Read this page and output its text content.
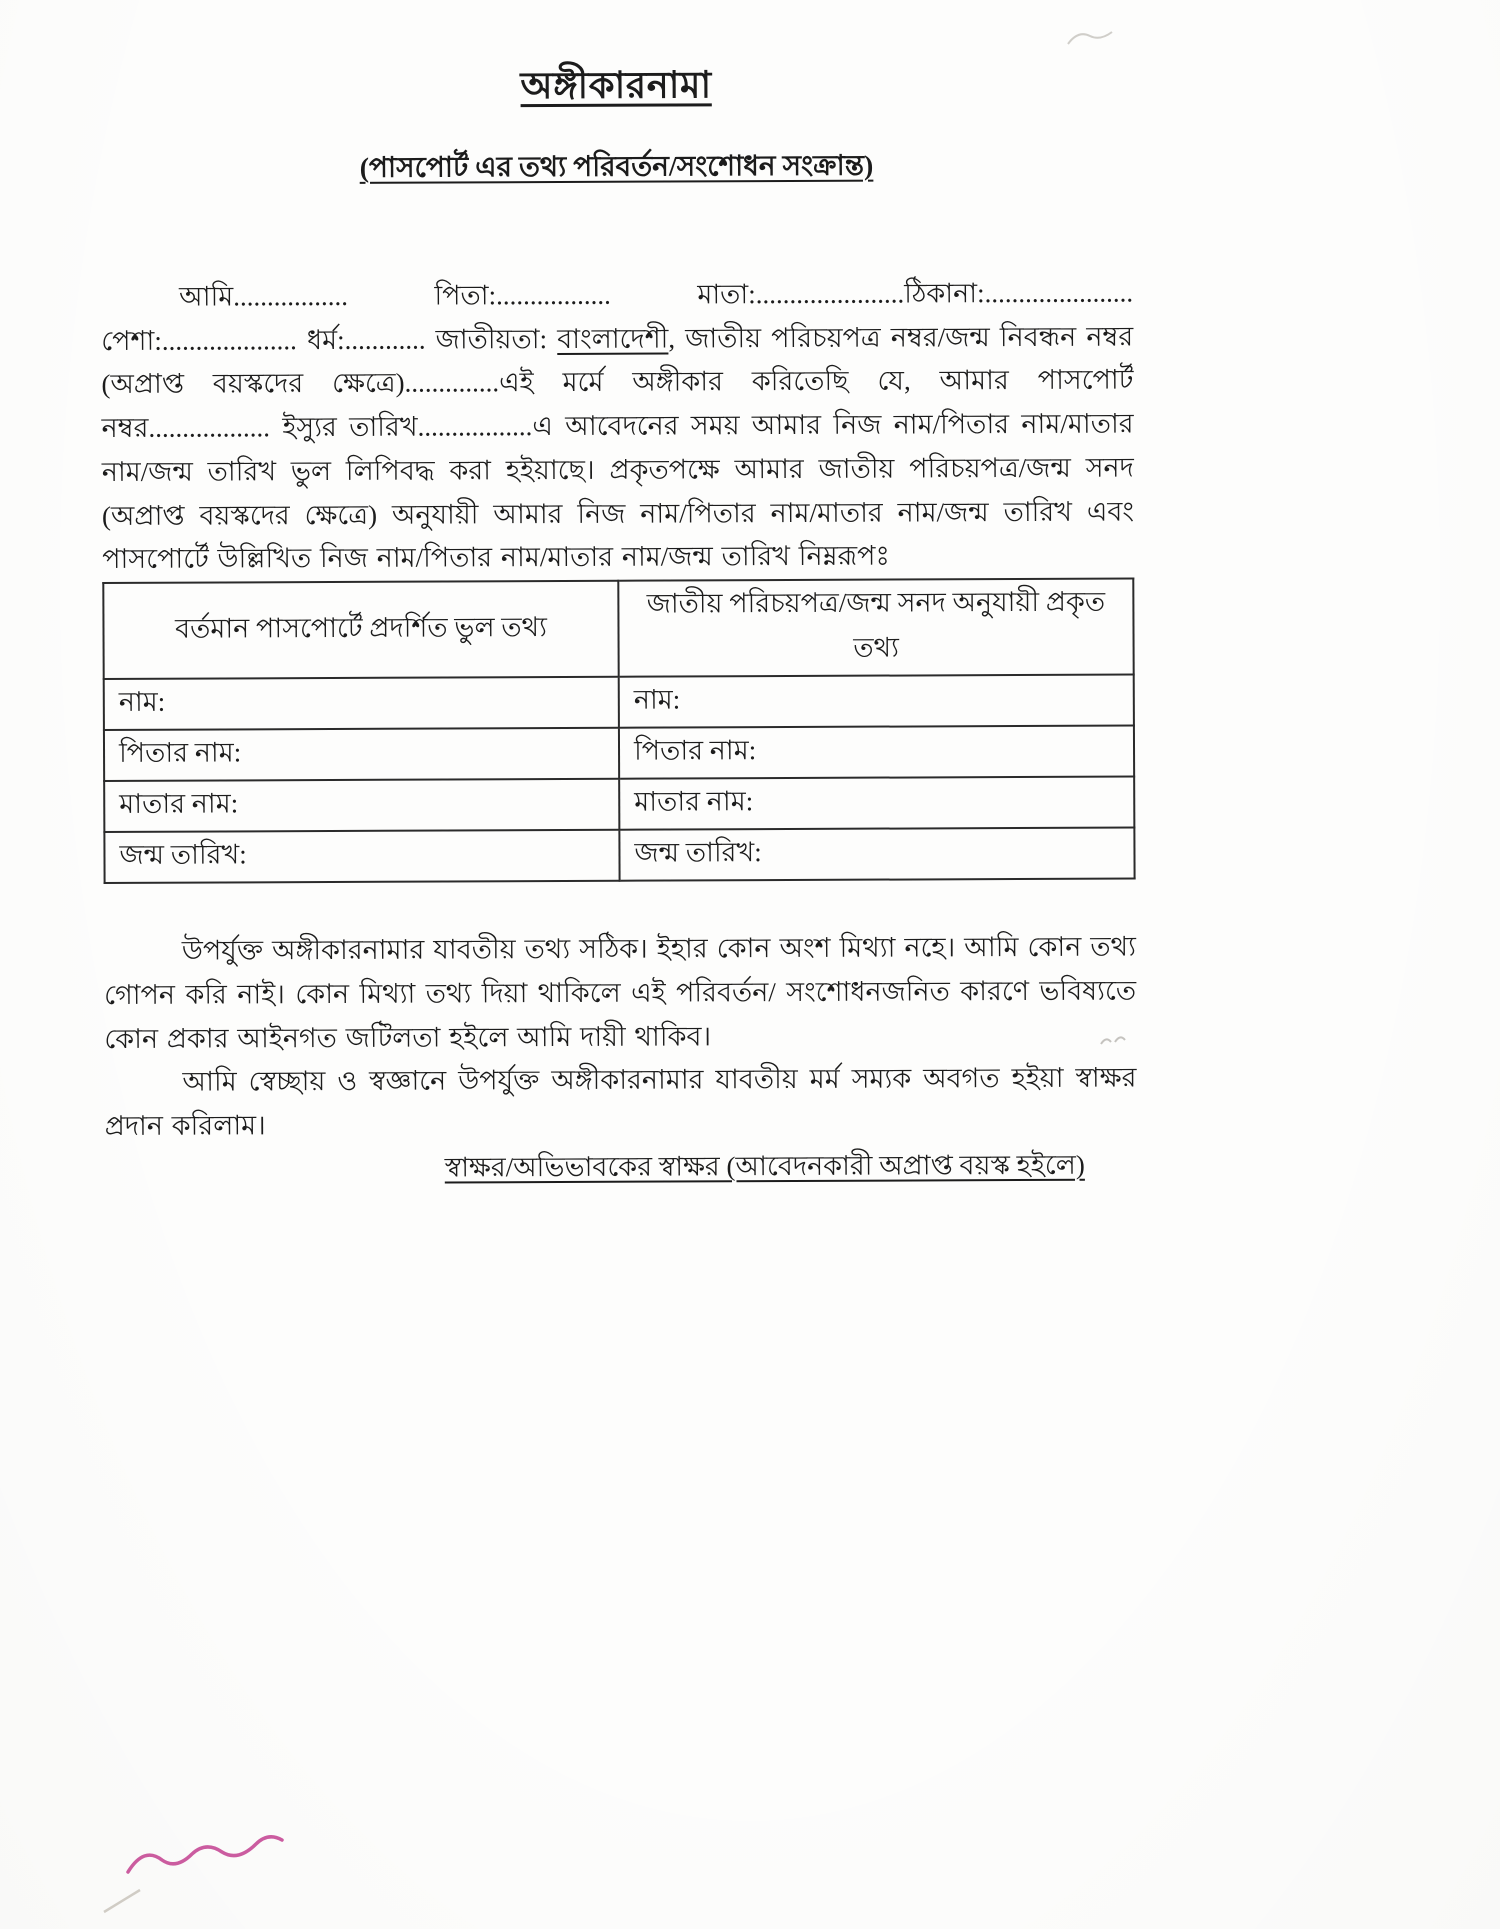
অঙ্গীকারনামা
(পাসপোর্ট এর তথ্য পরিবর্তন/সংশোধন সংক্রান্ত)

আমি................. পিতা:................. মাতা:......................ঠিকানা:...................... পেশা:.................... ধর্ম:............ জাতীয়তা: বাংলাদেশী, জাতীয় পরিচয়পত্র নম্বর/জন্ম নিবন্ধন নম্বর (অপ্রাপ্ত বয়স্কদের ক্ষেত্রে)..............এই মর্মে অঙ্গীকার করিতেছি যে, আমার পাসপোর্ট নম্বর.................. ইস্যুর তারিখ.................এ আবেদনের সময় আমার নিজ নাম/পিতার নাম/মাতার নাম/জন্ম তারিখ ভুল লিপিবদ্ধ করা হইয়াছে। প্রকৃতপক্ষে আমার জাতীয় পরিচয়পত্র/জন্ম সনদ (অপ্রাপ্ত বয়স্কদের ক্ষেত্রে) অনুযায়ী আমার নিজ নাম/পিতার নাম/মাতার নাম/জন্ম তারিখ এবং পাসপোর্টে উল্লিখিত নিজ নাম/পিতার নাম/মাতার নাম/জন্ম তারিখ নিম্নরূপঃ

বর্তমান পাসপোর্টে প্রদর্শিত ভুল তথ্য	জাতীয় পরিচয়পত্র/জন্ম সনদ অনুযায়ী প্রকৃত তথ্য
নাম:	নাম:
পিতার নাম:	পিতার নাম:
মাতার নাম:	মাতার নাম:
জন্ম তারিখ:	জন্ম তারিখ:

উপর্যুক্ত অঙ্গীকারনামার যাবতীয় তথ্য সঠিক। ইহার কোন অংশ মিথ্যা নহে। আমি কোন তথ্য গোপন করি নাই। কোন মিথ্যা তথ্য দিয়া থাকিলে এই পরিবর্তন/ সংশোধনজনিত কারণে ভবিষ্যতে কোন প্রকার আইনগত জটিলতা হইলে আমি দায়ী থাকিব।

আমি স্বেচ্ছায় ও স্বজ্ঞানে উপর্যুক্ত অঙ্গীকারনামার যাবতীয় মর্ম সম্যক অবগত হইয়া স্বাক্ষর প্রদান করিলাম।

স্বাক্ষর/অভিভাবকের স্বাক্ষর (আবেদনকারী অপ্রাপ্ত বয়স্ক হইলে)
